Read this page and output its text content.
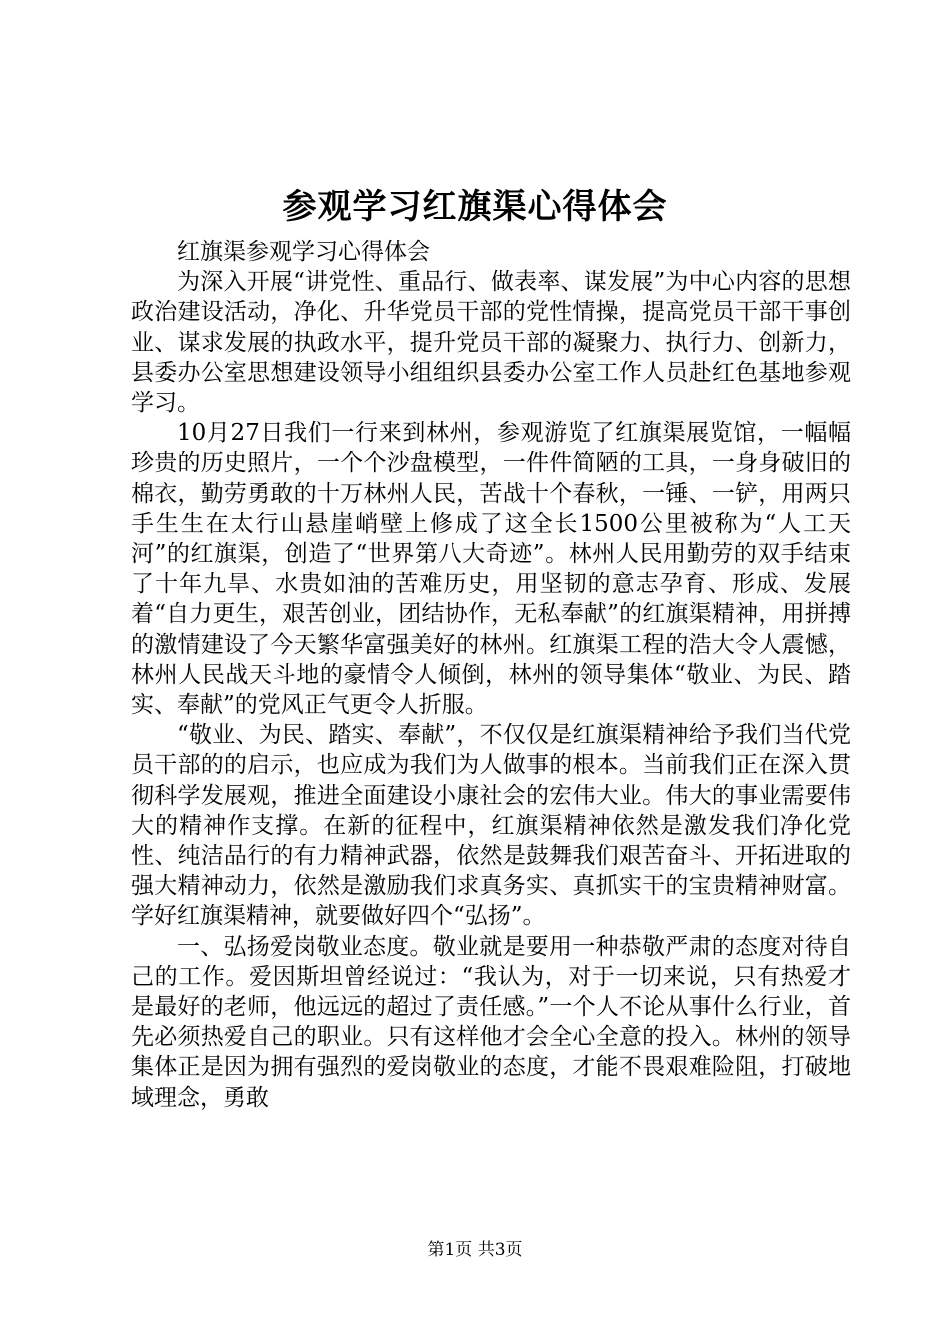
参观学习红旗渠心得体会

红旗渠参观学习心得体会

为深入开展“讲党性、重品行、做表率、谋发展”为中心内容的思想政治建设活动，净化、升华党员干部的党性情操，提高党员干部干事创业、谋求发展的执政水平，提升党员干部的凝聚力、执行力、创新力，县委办公室思想建设领导小组组织县委办公室工作人员赴红色基地参观学习。

10月27日我们一行来到林州，参观游览了红旗渠展览馆，一幅幅珍贵的历史照片，一个个沙盘模型，一件件简陋的工具，一身身破旧的棉衣，勤劳勇敢的十万林州人民，苦战十个春秋，一锤、一铲，用两只手生生在太行山悬崖峭壁上修成了这全长1500公里被称为“人工天河”的红旗渠，创造了“世界第八大奇迹”。林州人民用勤劳的双手结束了十年九旱、水贵如油的苦难历史，用坚韧的意志孕育、形成、发展着“自力更生，艰苦创业，团结协作，无私奉献”的红旗渠精神，用拼搏的激情建设了今天繁华富强美好的林州。红旗渠工程的浩大令人震憾，林州人民战天斗地的豪情令人倾倒，林州的领导集体“敬业、为民、踏实、奉献”的党风正气更令人折服。

“敬业、为民、踏实、奉献”，不仅仅是红旗渠精神给予我们当代党员干部的的启示，也应成为我们为人做事的根本。当前我们正在深入贯彻科学发展观，推进全面建设小康社会的宏伟大业。伟大的事业需要伟大的精神作支撑。在新的征程中，红旗渠精神依然是激发我们净化党性、纯洁品行的有力精神武器，依然是鼓舞我们艰苦奋斗、开拓进取的强大精神动力，依然是激励我们求真务实、真抓实干的宝贵精神财富。学好红旗渠精神，就要做好四个“弘扬”。

一、弘扬爱岗敬业态度。敬业就是要用一种恭敬严肃的态度对待自己的工作。爱因斯坦曾经说过：“我认为，对于一切来说，只有热爱才是最好的老师，他远远的超过了责任感。”一个人不论从事什么行业，首先必须热爱自己的职业。只有这样他才会全心全意的投入。林州的领导集体正是因为拥有强烈的爱岗敬业的态度，才能不畏艰难险阻，打破地域理念，勇敢

第1页 共3页
